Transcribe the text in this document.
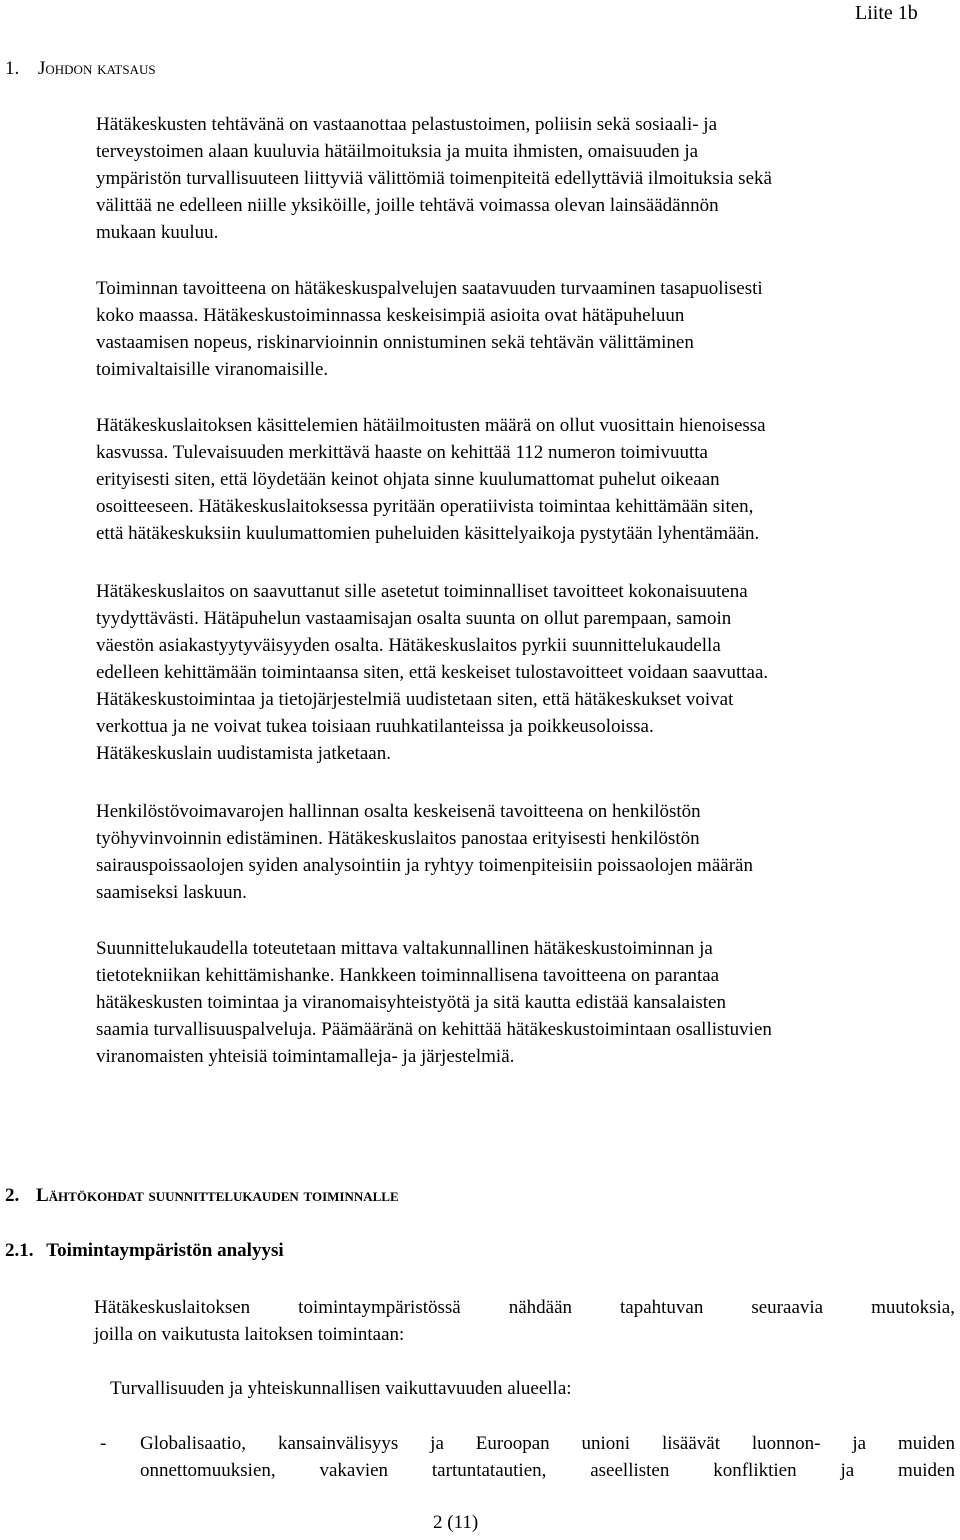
Liite 1b
1. Johdon katsaus
Hätäkeskusten tehtävänä on vastaanottaa pelastustoimen, poliisin sekä sosiaali- ja
terveystoimen alaan kuuluvia hätäilmoituksia ja muita ihmisten, omaisuuden ja
ympäristön turvallisuuteen liittyviä välittömiä toimenpiteitä edellyttäviä ilmoituksia sekä
välittää ne edelleen niille yksiköille, joille tehtävä voimassa olevan lainsäädännön
mukaan kuuluu.
Toiminnan tavoitteena on hätäkeskuspalvelujen saatavuuden turvaaminen tasapuolisesti
koko maassa. Hätäkeskustoiminnassa keskeisimpiä asioita ovat hätäpuheluun
vastaamisen nopeus, riskinarvioinnin onnistuminen sekä tehtävän välittäminen
toimivaltaisille viranomaisille.
Hätäkeskuslaitoksen käsittelemien hätäilmoitusten määrä on ollut vuosittain hienoisessa
kasvussa. Tulevaisuuden merkittävä haaste on kehittää 112 numeron toimivuutta
erityisesti siten, että löydetään keinot ohjata sinne kuulumattomat puhelut oikeaan
osoitteeseen. Hätäkeskuslaitoksessa pyritään operatiivista toimintaa kehittämään siten,
että hätäkeskuksiin kuulumattomien puheluiden käsittelyaikoja pystytään lyhentämään.
Hätäkeskuslaitos on saavuttanut sille asetetut toiminnalliset tavoitteet kokonaisuutena
tyydyttävästi. Hätäpuhelun vastaamisajan osalta suunta on ollut parempaan, samoin
väestön asiakastyytyväisyyden osalta. Hätäkeskuslaitos pyrkii suunnittelukaudella
edelleen kehittämään toimintaansa siten, että keskeiset tulostavoitteet voidaan saavuttaa.
Hätäkeskustoimintaa ja tietojärjestelmiä uudistetaan siten, että hätäkeskukset voivat
verkottua ja ne voivat tukea toisiaan ruuhkatilanteissa ja poikkeusoloissa.
Hätäkeskuslain uudistamista jatketaan.
Henkilöstövoimavarojen hallinnan osalta keskeisenä tavoitteena on henkilöstön
työhyvinvoinnin edistäminen. Hätäkeskuslaitos panostaa erityisesti henkilöstön
sairauspoissaolojen syiden analysointiin ja ryhtyy toimenpiteisiin poissaolojen määrän
saamiseksi laskuun.
Suunnittelukaudella toteutetaan mittava valtakunnallinen hätäkeskustoiminnan ja
tietotekniikan kehittämishanke. Hankkeen toiminnallisena tavoitteena on parantaa
hätäkeskusten toimintaa ja viranomaisyhteistyötä ja sitä kautta edistää kansalaisten
saamia turvallisuuspalveluja. Päämääränä on kehittää hätäkeskustoimintaan osallistuvien
viranomaisten yhteisiä toimintamalleja- ja järjestelmiä.
2. Lähtökohdat suunnittelukauden toiminnalle
2.1. Toimintaympäristön analyysi
Hätäkeskuslaitoksen toimintaympäristössä nähdään tapahtuvan seuraavia muutoksia,
joilla on vaikutusta laitoksen toimintaan:
Turvallisuuden ja yhteiskunnallisen vaikuttavuuden alueella:
- Globalisaatio, kansainvälisyys ja Euroopan unioni lisäävät luonnon- ja muiden
onnettomuuksien, vakavien tartuntatautien, aseellisten konfliktien ja muiden
2 (11)
